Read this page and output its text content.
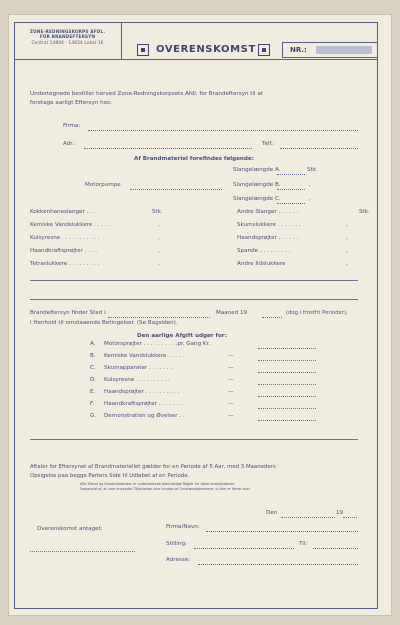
ZONE-REDNINGSKORPS AFDL.
FOR BRANDEFTERSYN
Central 14804 · 14834 Lokal 16
OVERENSKOMST	NR.:
Undertegnede bestiller herved Zone-Redningskorpsets Afdl. for Brandeftersyn til at
foretage aarligt Eftersyn hos:
Firma:
Adr.:	Telf.:
Af Brandmateriel forefindes følgende:
Slangelængde A.	Stk.
Motorpumpe	Slangelængde B.	,
Slangelængde C.	,
Kokkenhaneslanger . . .	Stk.
Kemiske Vandslukkere . . . . .	,
Kulsyresne . . . . . . . . . . .	,
Haandkraftsprøjter . . . .	,
Tetraslukkere . . . . . . . . .	,
Andre Slanger . . . . . .	Stk.
Skumslukkere . . . . . . .	,
Haandsprøjter . . . . . .	,
Spande . . . . . . . . .	,
Andre Ildslukkere	,
Brandeftersyn finder Sted i	Maaned 19	(dog i frostfri Perioder),
i Henhold til omstaaende Betingelser. (Se Bagsiden).
Den aarlige Afgift udgør for:
A. Motorsprøjter . . . . . . . . . .pr. Gang Kr.
B. Kemiske Vandslukkere . . . . .	—
C. Skumapparater . . . . . . .	—
D. Kulsyresne . . . . . . . . . .	—
E. Haandsprøjter . . . . . . . . . .	—
F. Haandkraftsprøjter . . . . . . .	—
G. Demonstration og Øvelser . .	—
Aftaler for Eftersynet af Brandmateriellet gælder for en Periode af 5 Aar, med 3 Maaneders
Opsigelse paa begge Parters Side til Udløbet af en Periode.
Alle Tilbud og Overenskomster er underkastede almindelige Regler for disse ensbetydende
Forbehold af, at vore anvendte Tilbeholder ikke hindres af Omstændighederne, vi ikke er Herre over.
Den	19
Overenskomst antaget:	Firma/Navn:
Stilling:	Til:
Adresse:
